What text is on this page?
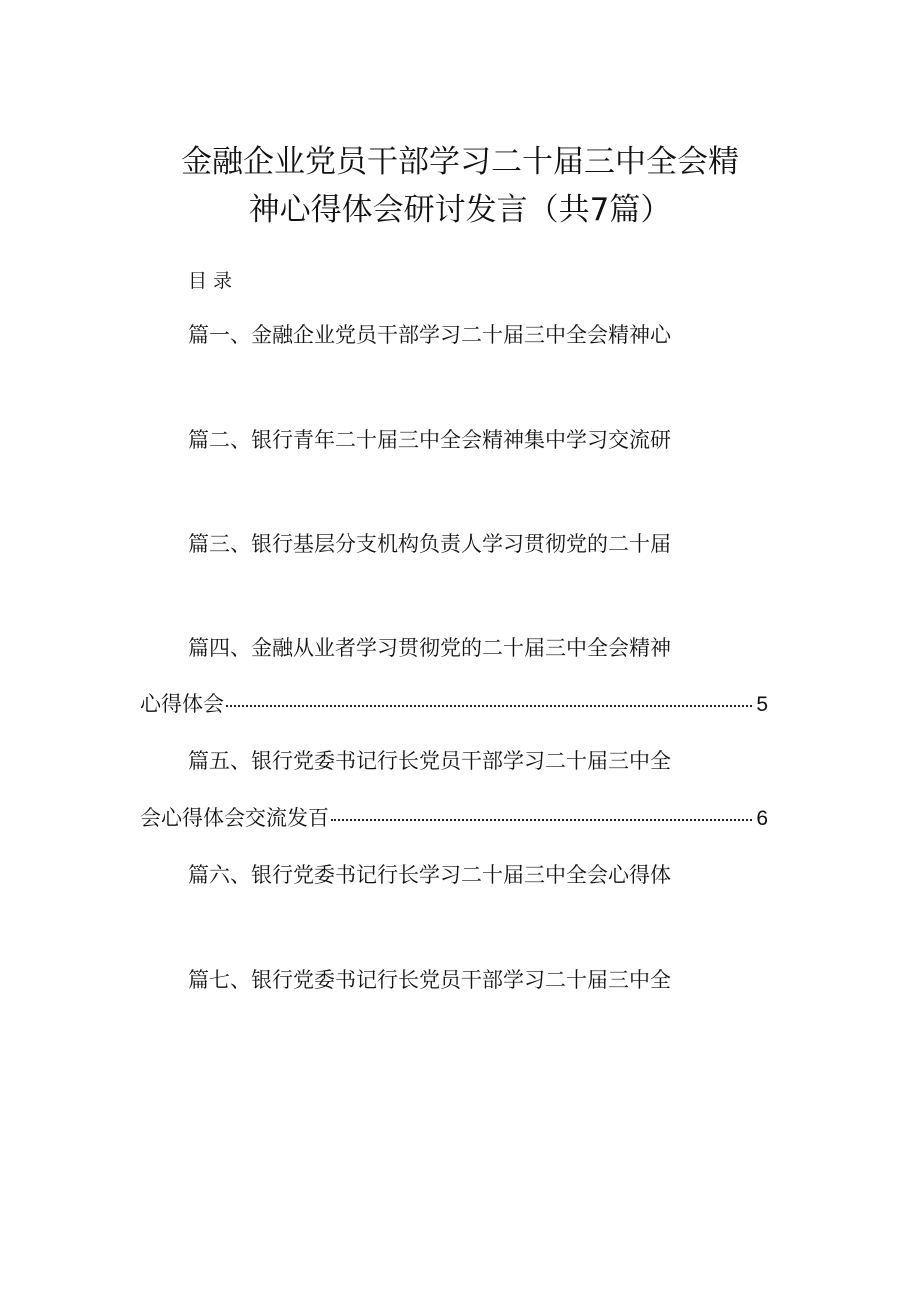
金融企业党员干部学习二十届三中全会精
神心得体会研讨发言（共7篇）
目录
篇一、金融企业党员干部学习二十届三中全会精神心
篇二、银行青年二十届三中全会精神集中学习交流研
篇三、银行基层分支机构负责人学习贯彻党的二十届
篇四、金融从业者学习贯彻党的二十届三中全会精神
心得体会	5
篇五、银行党委书记行长党员干部学习二十届三中全
会心得体会交流发百	6
篇六、银行党委书记行长学习二十届三中全会心得体
篇七、银行党委书记行长党员干部学习二十届三中全
